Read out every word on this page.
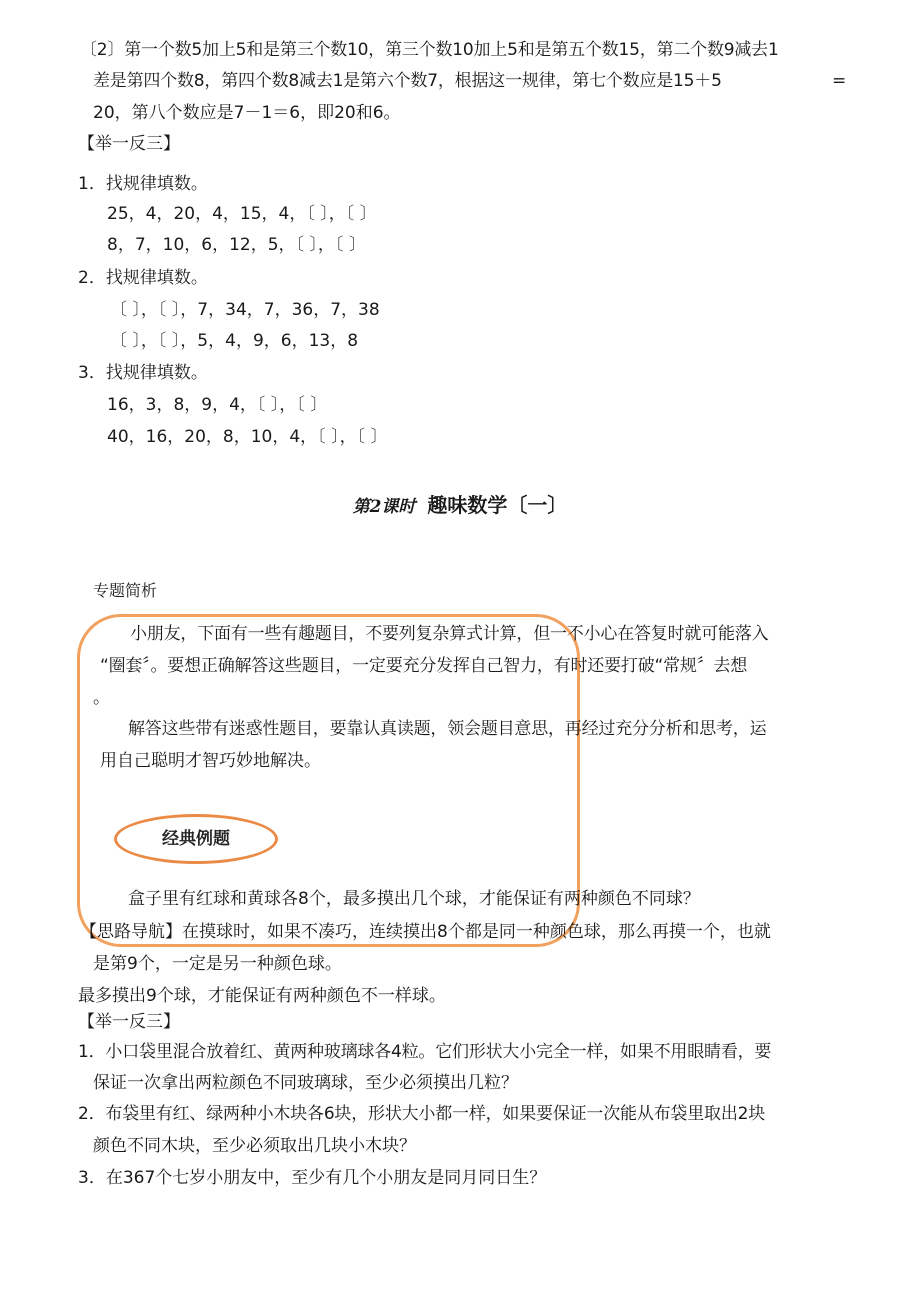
〔2〕第一个数5加上5和是第三个数10，第三个数10加上5和是第五个数15，第二个数9减去1
差是第四个数8，第四个数8减去1是第六个数7，根据这一规律，第七个数应是15＋5	=
20，第八个数应是7－1＝6，即20和6。
【举一反三】
1．找规律填数。
25，4，20，4，15，4，〔 〕，〔 〕
8，7，10，6，12，5，〔 〕，〔 〕
2．找规律填数。
〔 〕，〔 〕，7，34，7，36，7，38
〔 〕，〔 〕，5，4，9，6，13，8
3．找规律填数。
16，3，8，9，4，〔 〕，〔 〕
40，16，20，8，10，4，〔 〕，〔 〕
第2课时 趣味数学〔一〕
专题简析
小朋友，下面有一些有趣题目，不要列复杂算式计算，但一不小心在答复时就可能落入
“圈套〞。要想正确解答这些题目，一定要充分发挥自己智力，有时还要打破“常规〞去想
。
解答这些带有迷惑性题目，要靠认真读题，领会题目意思，再经过充分分析和思考，运
用自己聪明才智巧妙地解决。
经典例题
盒子里有红球和黄球各8个，最多摸出几个球，才能保证有两种颜色不同球？
【思路导航】在摸球时，如果不凑巧，连续摸出8个都是同一种颜色球，那么再摸一个，也就
是第9个，一定是另一种颜色球。
最多摸出9个球，才能保证有两种颜色不一样球。
【举一反三】
1．小口袋里混合放着红、黄两种玻璃球各4粒。它们形状大小完全一样，如果不用眼睛看，要
保证一次拿出两粒颜色不同玻璃球，至少必须摸出几粒？
2．布袋里有红、绿两种小木块各6块，形状大小都一样，如果要保证一次能从布袋里取出2块
颜色不同木块，至少必须取出几块小木块？
3．在367个七岁小朋友中，至少有几个小朋友是同月同日生？
